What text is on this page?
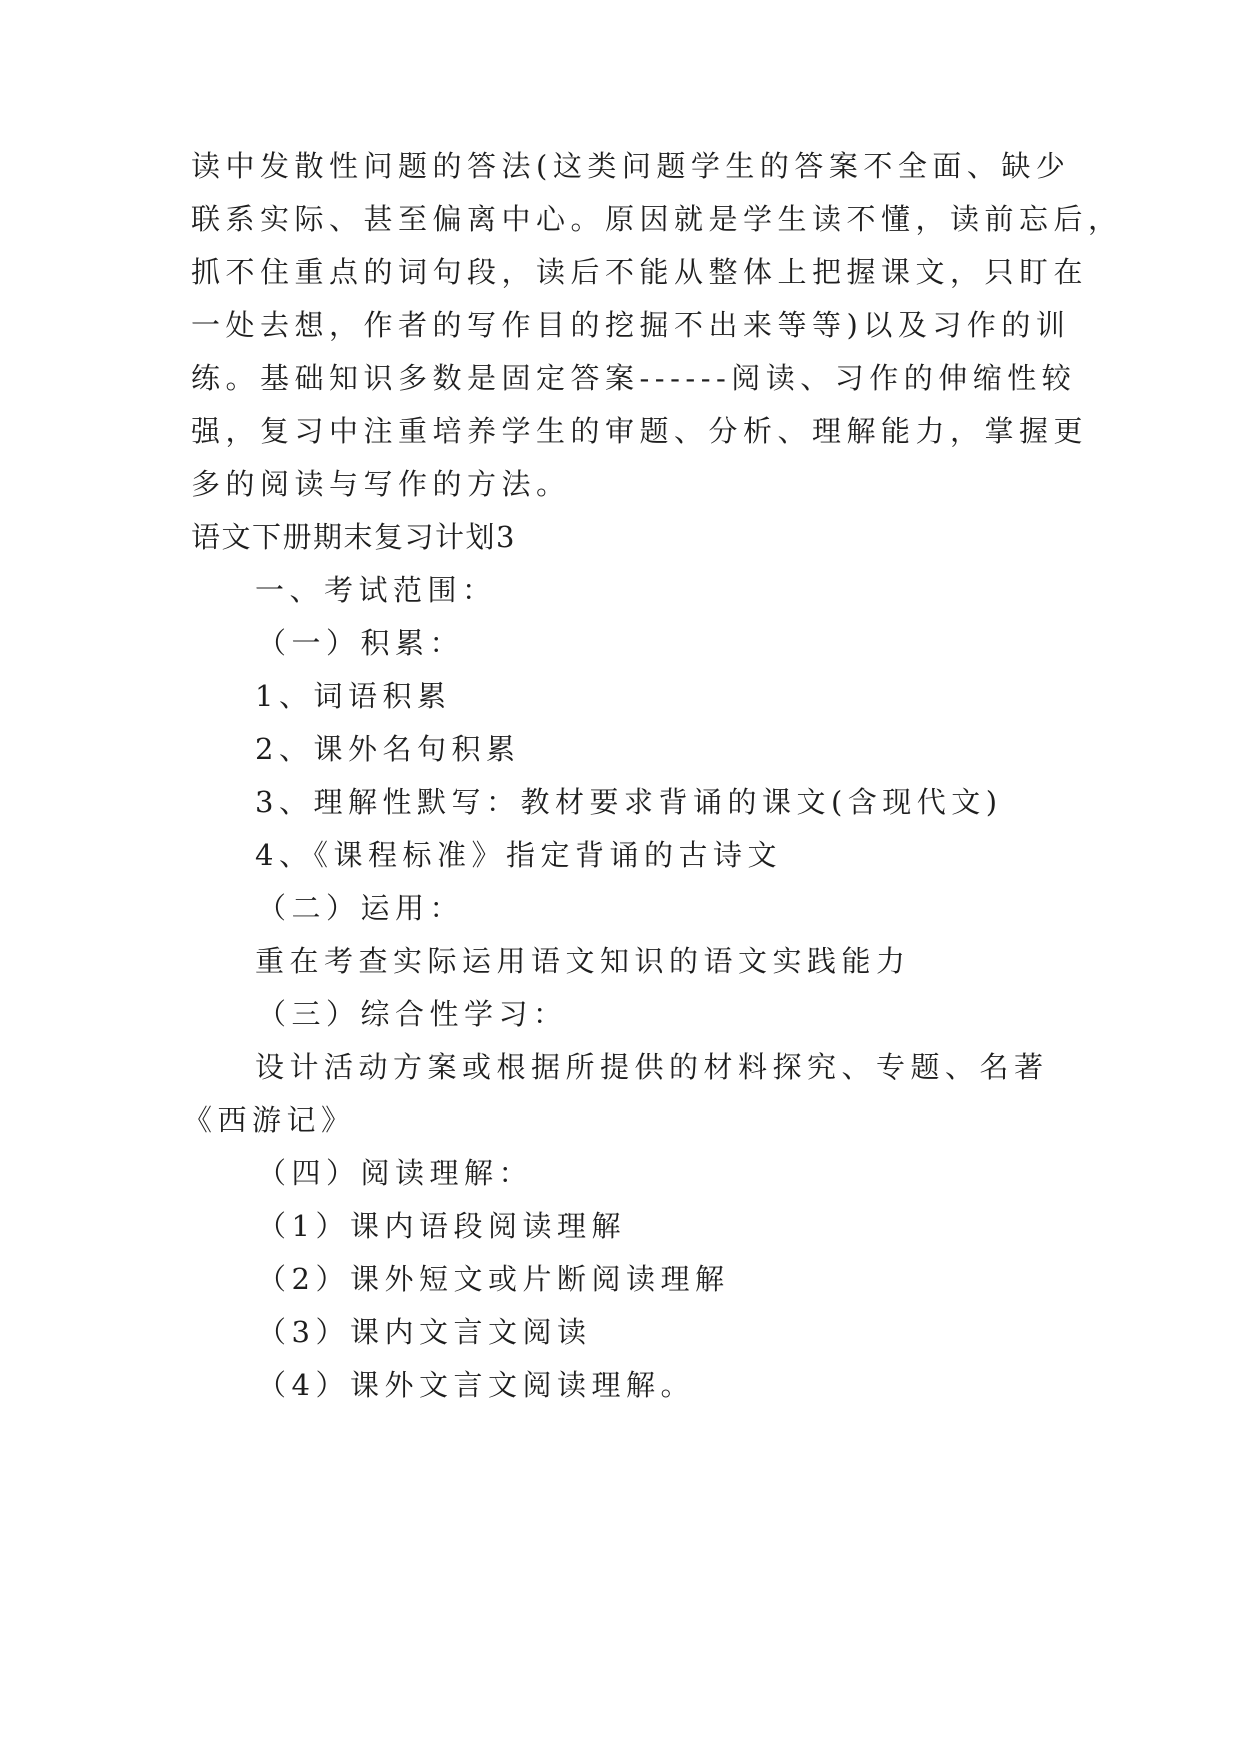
读中发散性问题的答法(这类问题学生的答案不全面、缺少

联系实际、甚至偏离中心。原因就是学生读不懂，读前忘后，

抓不住重点的词句段，读后不能从整体上把握课文，只盯在

一处去想，作者的写作目的挖掘不出来等等)以及习作的训

练。基础知识多数是固定答案------阅读、习作的伸缩性较

强，复习中注重培养学生的审题、分析、理解能力，掌握更

多的阅读与写作的方法。

语文下册期末复习计划3

一、考试范围：

（一）积累：

1、词语积累

2、课外名句积累

3、理解性默写：教材要求背诵的课文(含现代文)

4、《课程标准》指定背诵的古诗文

（二）运用：

重在考查实际运用语文知识的语文实践能力

（三）综合性学习：

设计活动方案或根据所提供的材料探究、专题、名著

《西游记》

（四）阅读理解：

（1）课内语段阅读理解

（2）课外短文或片断阅读理解

（3）课内文言文阅读

（4）课外文言文阅读理解。
